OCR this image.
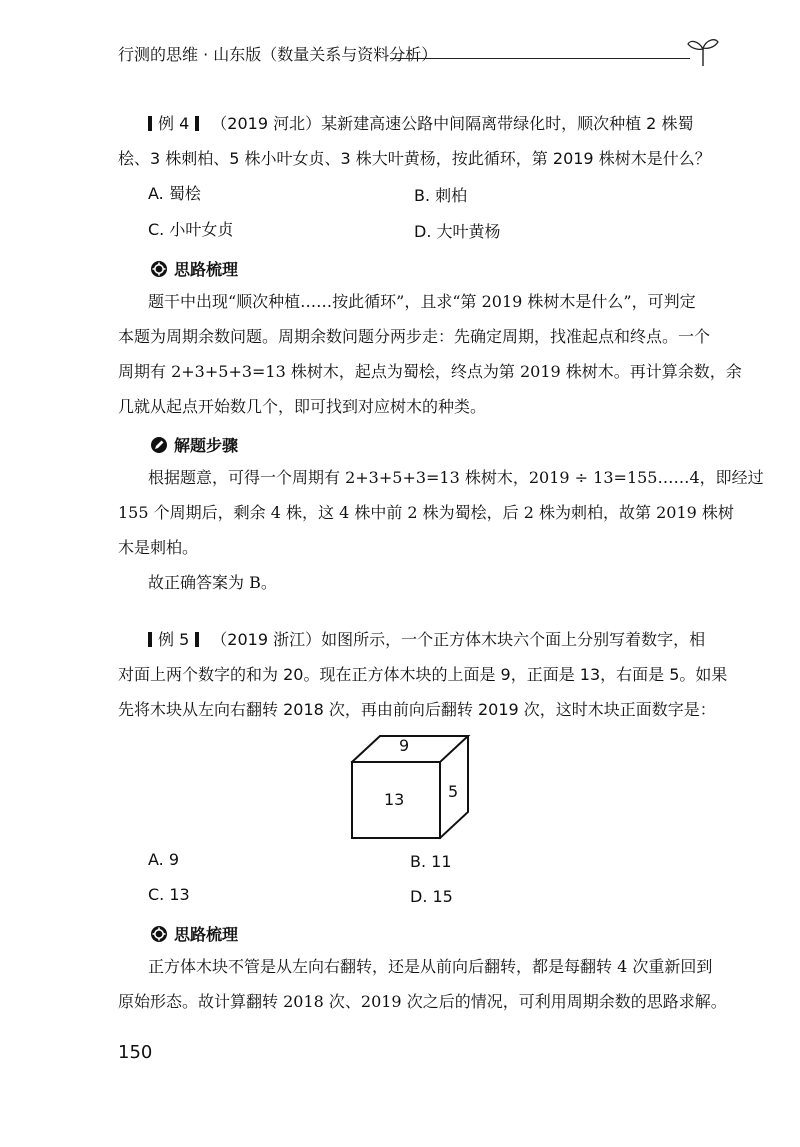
行测的思维 · 山东版（数量关系与资料分析）
例 4 （2019 河北）某新建高速公路中间隔离带绿化时，顺次种植 2 株蜀
桧、3 株刺柏、5 株小叶女贞、3 株大叶黄杨，按此循环，第 2019 株树木是什么？
A. 蜀桧	B. 刺柏
C. 小叶女贞	D. 大叶黄杨
思路梳理
题干中出现“顺次种植……按此循环”，且求“第 2019 株树木是什么”，可判定
本题为周期余数问题。周期余数问题分两步走：先确定周期，找准起点和终点。一个
周期有 2+3+5+3=13 株树木，起点为蜀桧，终点为第 2019 株树木。再计算余数，余
几就从起点开始数几个，即可找到对应树木的种类。
解题步骤
根据题意，可得一个周期有 2+3+5+3=13 株树木，2019 ÷ 13=155……4，即经过
155 个周期后，剩余 4 株，这 4 株中前 2 株为蜀桧，后 2 株为刺柏，故第 2019 株树
木是刺柏。
故正确答案为 B。
例 5 （2019 浙江）如图所示，一个正方体木块六个面上分别写着数字，相
对面上两个数字的和为 20。现在正方体木块的上面是 9，正面是 13，右面是 5。如果
先将木块从左向右翻转 2018 次，再由前向后翻转 2019 次，这时木块正面数字是：
9
13	5
A. 9	B. 11
C. 13	D. 15
思路梳理
正方体木块不管是从左向右翻转，还是从前向后翻转，都是每翻转 4 次重新回到
原始形态。故计算翻转 2018 次、2019 次之后的情况，可利用周期余数的思路求解。
150
